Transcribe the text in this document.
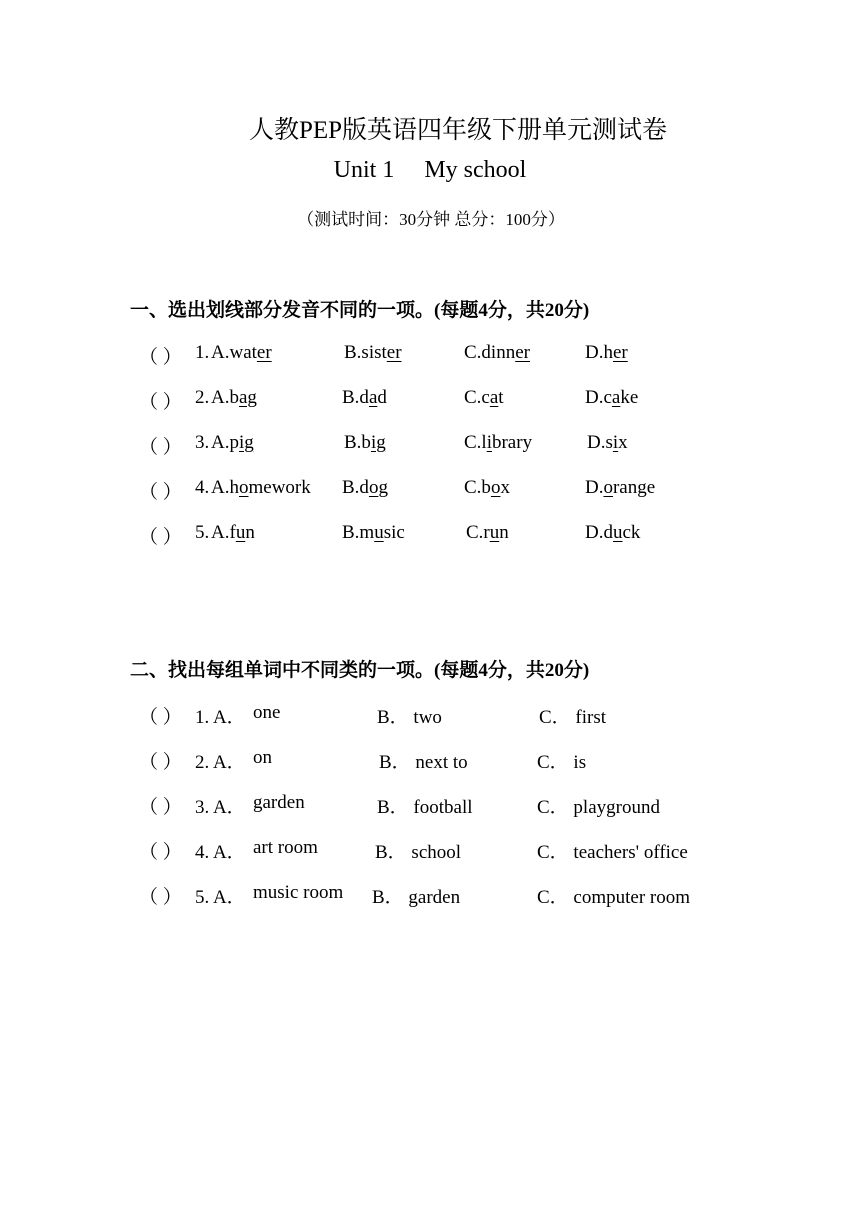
人教PEP版英语四年级下册单元测试卷
Unit 1 My school
（测试时间：30分钟 总分：100分）
一、选出划线部分发音不同的一项。(每题4分，共20分)
（ ） 1. A.water	B.sister	C.dinner	D.her
（ ） 2. A.bag	B.dad	C.cat	D.cake
（ ） 3. A.pig	B.big	C.library	D.six
（ ） 4. A.homework B.dog	C.box	D.orange
（ ） 5. A.fun	B.music	C.run	D.duck
二、找出每组单词中不同类的一项。(每题4分，共20分)
（ ） 1. A． one	B． two	C． first
（ ） 2. A． on	B． next to	C． is
（ ） 3. A． garden	B． football	C． playground
（ ） 4. A． art room	B． school	C． teachers' office
（ ） 5. A． music room B． garden	C． computer room
